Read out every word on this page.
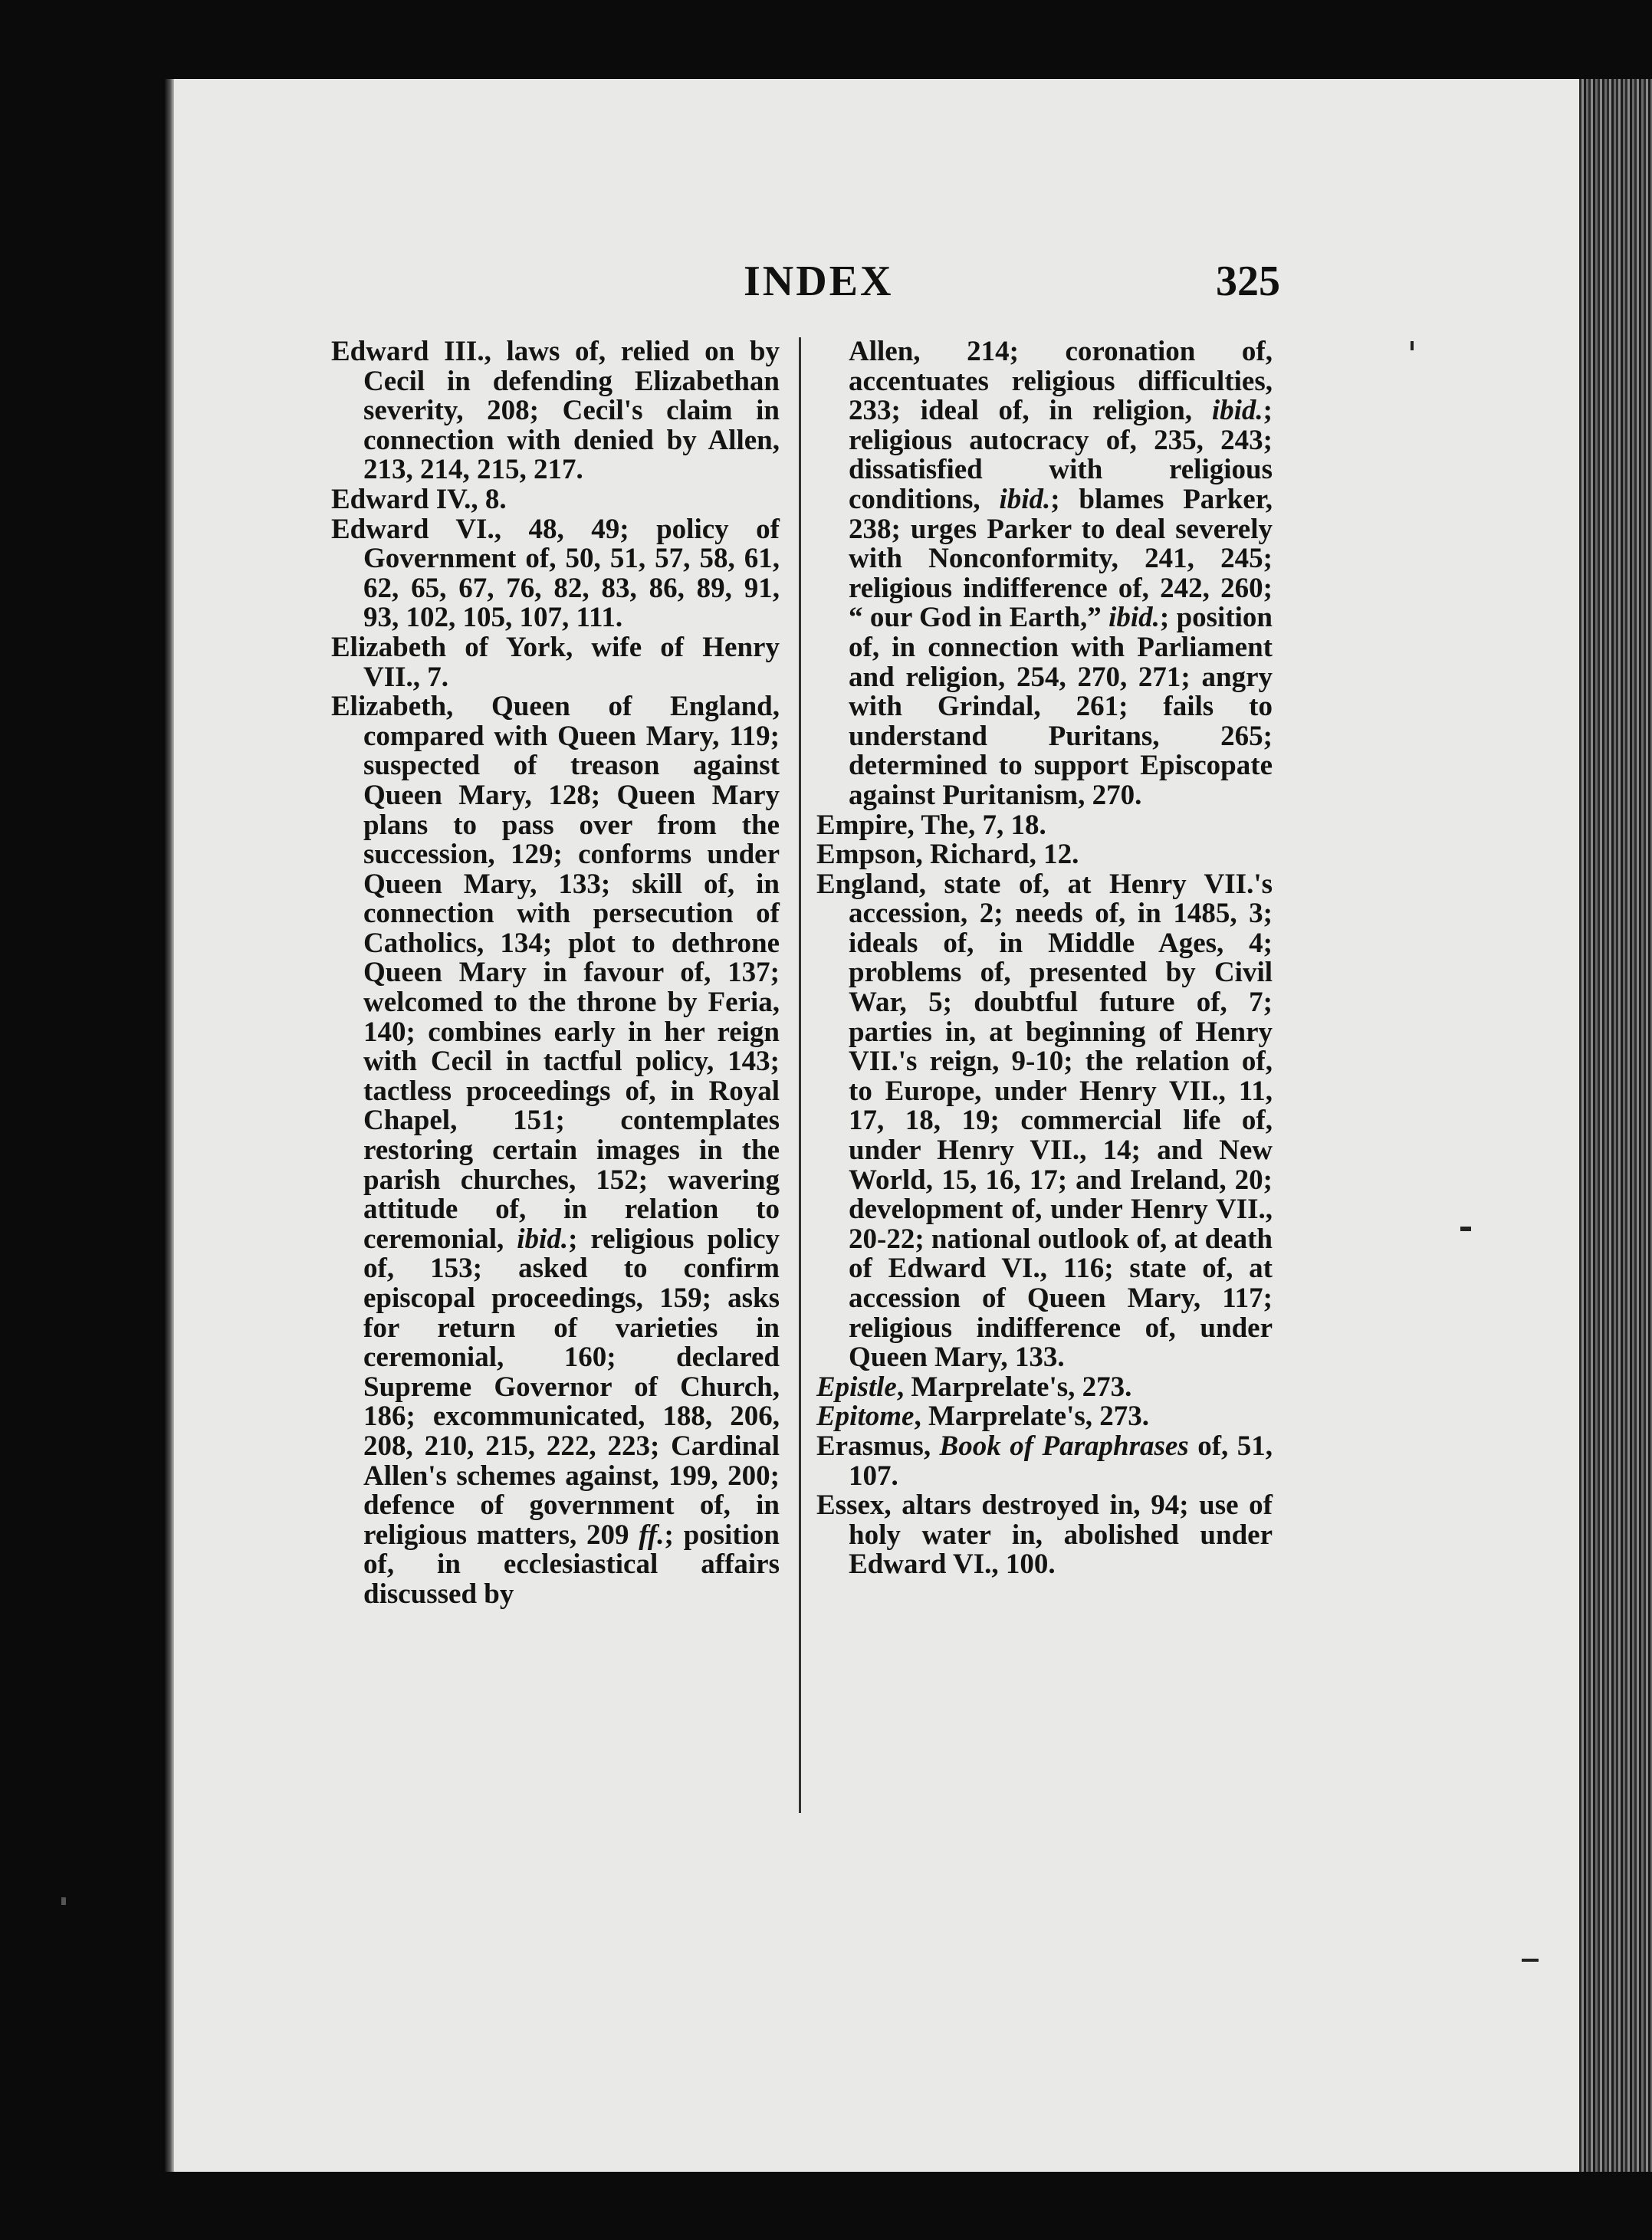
INDEX	325

Edward III., laws of, relied on by Cecil in defending Elizabethan severity, 208; Cecil's claim in connection with denied by Allen, 213, 214, 215, 217.

Edward IV., 8.

Edward VI., 48, 49; policy of Government of, 50, 51, 57, 58, 61, 62, 65, 67, 76, 82, 83, 86, 89, 91, 93, 102, 105, 107, 111.

Elizabeth of York, wife of Henry VII., 7.

Elizabeth, Queen of England, compared with Queen Mary, 119; suspected of treason against Queen Mary, 128; Queen Mary plans to pass over from the succession, 129; conforms under Queen Mary, 133; skill of, in connection with persecution of Catholics, 134; plot to dethrone Queen Mary in favour of, 137; welcomed to the throne by Feria, 140; combines early in her reign with Cecil in tactful policy, 143; tactless proceedings of, in Royal Chapel, 151; contemplates restoring certain images in the parish churches, 152; wavering attitude of, in relation to ceremonial, ibid.; religious policy of, 153; asked to confirm episcopal proceedings, 159; asks for return of varieties in ceremonial, 160; declared Supreme Governor of Church, 186; excommunicated, 188, 206, 208, 210, 215, 222, 223; Cardinal Allen's schemes against, 199, 200; defence of government of, in religious matters, 209 ff.; position of, in ecclesiastical affairs discussed by

Allen, 214; coronation of, accentuates religious difficulties, 233; ideal of, in religion, ibid.; religious autocracy of, 235, 243; dissatisfied with religious conditions, ibid.; blames Parker, 238; urges Parker to deal severely with Nonconformity, 241, 245; religious indifference of, 242, 260; “ our God in Earth,” ibid.; position of, in connection with Parliament and religion, 254, 270, 271; angry with Grindal, 261; fails to understand Puritans, 265; determined to support Episcopate against Puritanism, 270.

Empire, The, 7, 18.

Empson, Richard, 12.

England, state of, at Henry VII.'s accession, 2; needs of, in 1485, 3; ideals of, in Middle Ages, 4; problems of, presented by Civil War, 5; doubtful future of, 7; parties in, at beginning of Henry VII.'s reign, 9-10; the relation of, to Europe, under Henry VII., 11, 17, 18, 19; commercial life of, under Henry VII., 14; and New World, 15, 16, 17; and Ireland, 20; development of, under Henry VII., 20-22; national outlook of, at death of Edward VI., 116; state of, at accession of Queen Mary, 117; religious indifference of, under Queen Mary, 133.

Epistle, Marprelate's, 273.

Epitome, Marprelate's, 273.

Erasmus, Book of Paraphrases of, 51, 107.

Essex, altars destroyed in, 94; use of holy water in, abolished under Edward VI., 100.
